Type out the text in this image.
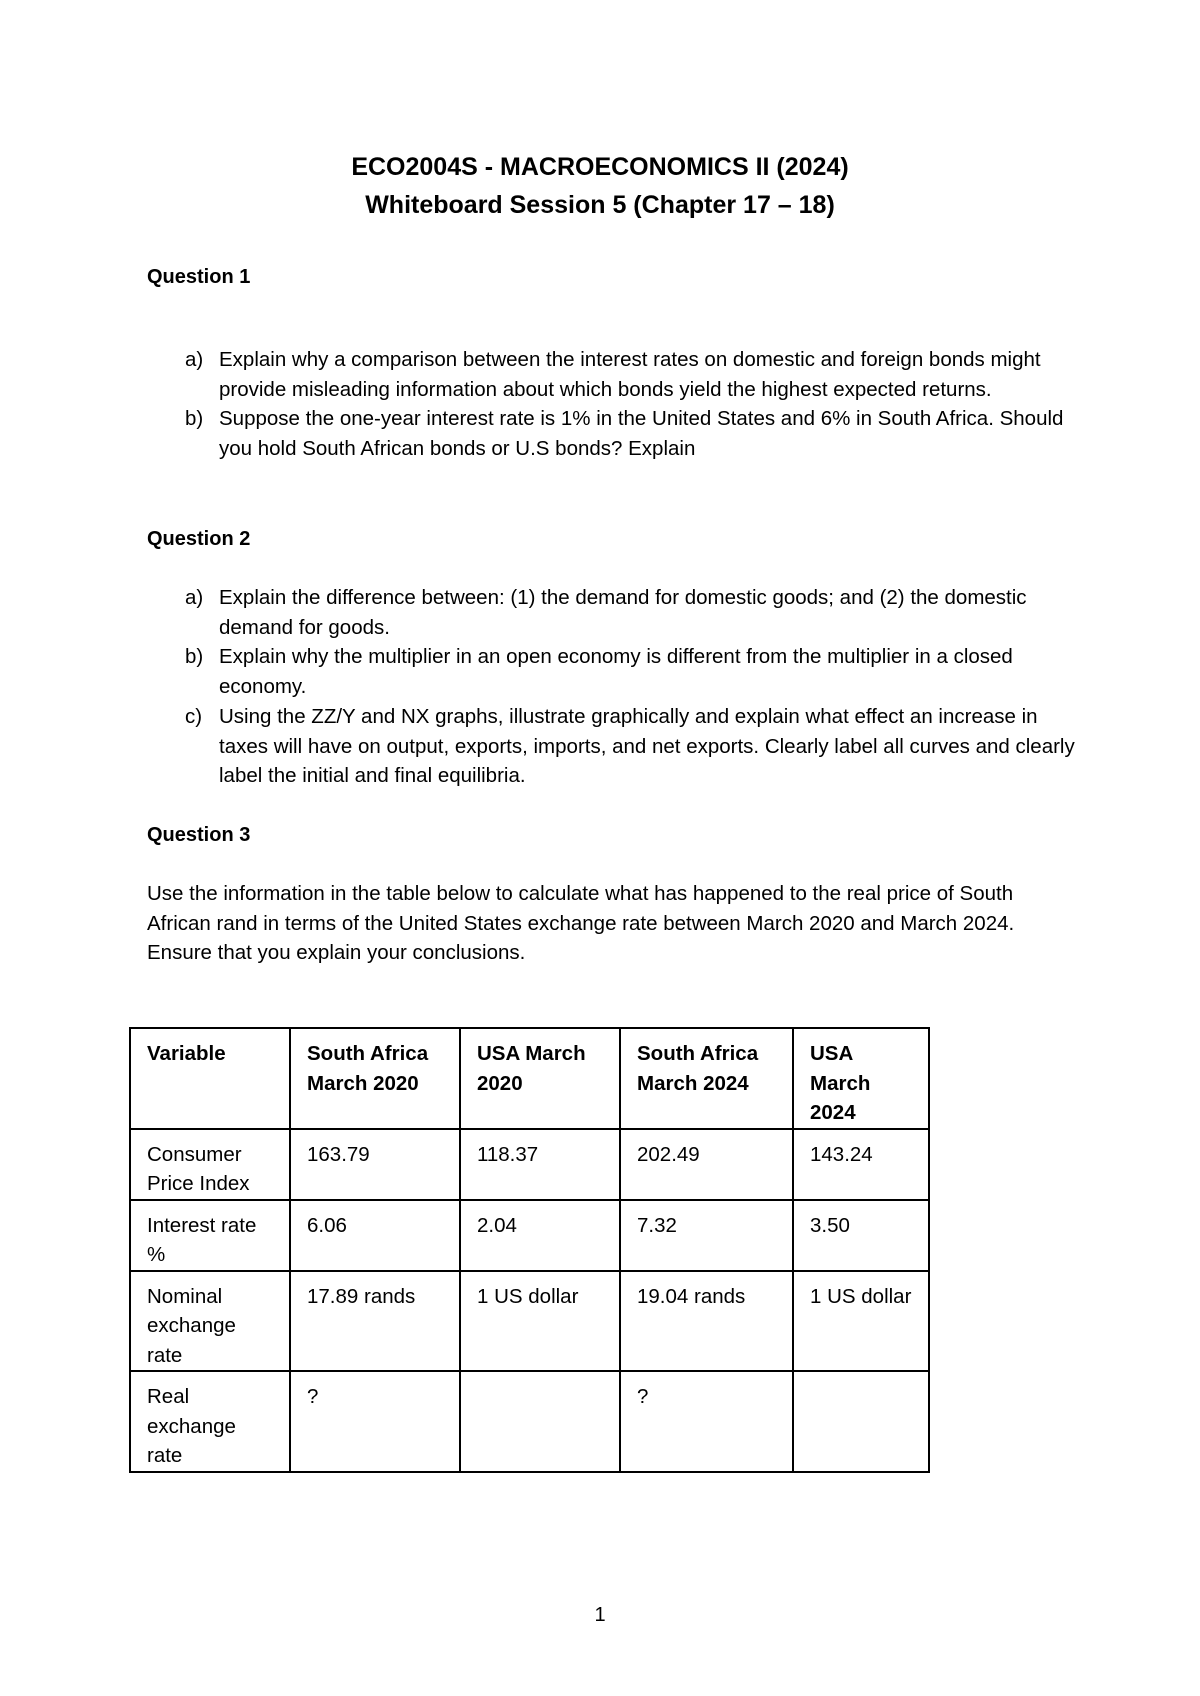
ECO2004S - MACROECONOMICS II (2024)
Whiteboard Session 5 (Chapter 17 – 18)
Question 1
a) Explain why a comparison between the interest rates on domestic and foreign bonds might provide misleading information about which bonds yield the highest expected returns.
b) Suppose the one-year interest rate is 1% in the United States and 6% in South Africa. Should you hold South African bonds or U.S bonds? Explain
Question 2
a) Explain the difference between: (1) the demand for domestic goods; and (2) the domestic demand for goods.
b) Explain why the multiplier in an open economy is different from the multiplier in a closed economy.
c) Using the ZZ/Y and NX graphs, illustrate graphically and explain what effect an increase in taxes will have on output, exports, imports, and net exports. Clearly label all curves and clearly label the initial and final equilibria.
Question 3

Use the information in the table below to calculate what has happened to the real price of South African rand in terms of the United States exchange rate between March 2020 and March 2024. Ensure that you explain your conclusions.

Variable	South Africa March 2020	USA March 2020	South Africa March 2024	USA March 2024
Consumer Price Index	163.79	118.37	202.49	143.24
Interest rate %	6.06	2.04	7.32	3.50
Nominal exchange rate	17.89 rands	1 US dollar	19.04 rands	1 US dollar
Real exchange rate	?		?	
1
